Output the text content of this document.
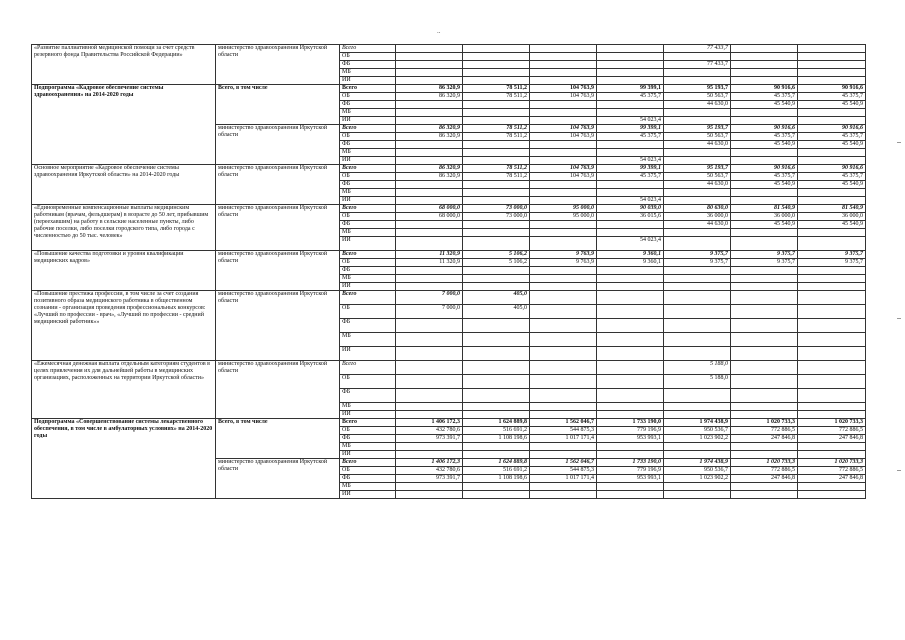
..
«Развитие паллиативной медицинской помощи за счет средств резервного фонда Правительства Российской Федерации»	министерство здравоохранения Иркутской области	Всего					77 433,7		
		ОБ							
		ФБ					77 433,7		
		МБ							
		ИИ							
Подпрограмма «Кадровое обеспечение системы здравоохранения» на 2014-2020 годы	Всего, в том числе	Всего	86 320,9	78 511,2	104 763,9	99 399,1	95 193,7	90 916,6	90 916,6
		ОБ	86 320,9	78 511,2	104 763,9	45 375,7	50 563,7	45 375,7	45 375,7
		ФБ					44 630,0	45 540,9	45 540,9
		МБ							
		ИИ				54 023,4			
	министерство здравоохранения Иркутской области	Всего	86 320,9	78 511,2	104 763,9	99 399,1	95 193,7	90 916,6	90 916,6
		ОБ	86 320,9	78 511,2	104 763,9	45 375,7	50 563,7	45 375,7	45 375,7
		ФБ					44 630,0	45 540,9	45 540,9
		МБ							
		ИИ				54 023,4			
Основное мероприятие «Кадровое обеспечение системы здравоохранения Иркутской области» на 2014-2020 годы	министерство здравоохранения Иркутской области	Всего	86 320,9	78 511,2	104 763,9	99 399,1	95 193,7	90 916,6	90 916,6
		ОБ	86 320,9	78 511,2	104 763,9	45 375,7	50 563,7	45 375,7	45 375,7
		ФБ					44 630,0	45 540,9	45 540,9
		МБ							
		ИИ				54 023,4			
«Единовременные компенсационные выплаты медицинским работникам (врачам, фельдшерам) в возрасте до 50 лет, прибывшим (переехавшим) на работу в сельские населенные пункты, либо рабочие поселки, либо поселки городского типа, либо города с численностью до 50 тыс. человек»	министерство здравоохранения Иркутской области	Всего	68 000,0	73 000,0	95 000,0	90 039,0	80 630,0	81 540,9	81 540,9
		ОБ	68 000,0	73 000,0	95 000,0	36 015,6	36 000,0	36 000,0	36 000,0
		ФБ					44 630,0	45 540,9	45 540,9
		МБ							
		ИИ				54 023,4			
«Повышение качества подготовки и уровня квалификации медицинских кадров»	министерство здравоохранения Иркутской области	Всего	11 320,9	5 106,2	9 763,9	9 360,1	9 375,7	9 375,7	9 375,7
		ОБ	11 320,9	5 106,2	9 763,9	9 360,1	9 375,7	9 375,7	9 375,7
		ФБ							
		МБ							
		ИИ							
«Повышение престижа профессии, в том числе за счет создания позитивного образа медицинского работника в общественном сознании - организация проведения профессиональных конкурсов: «Лучший по профессии - врач», «Лучший по профессии - средний медицинский работник»»	министерство здравоохранения Иркутской области	Всего	7 000,0	405,0					
		ОБ	7 000,0	405,0					
		ФБ							
		МБ							
		ИИ							
«Ежемесячная денежная выплата отдельным категориям студентов в целях привлечения их для дальнейшей работы в медицинских организациях, расположенных на территории Иркутской области»	министерство здравоохранения Иркутской области	Всего					5 188,0		
		ОБ					5 188,0		
		ФБ							
		МБ							
		ИИ							
Подпрограмма «Совершенствование системы лекарственного обеспечения, в том числе в амбулаторных условиях» на 2014-2020 годы	Всего, в том числе	Всего	1 406 172,3	1 624 889,8	1 562 046,7	1 733 190,0	1 974 438,9	1 020 733,3	1 020 733,3
		ОБ	432 780,6	516 691,2	544 875,3	779 196,9	950 536,7	772 886,5	772 886,5
		ФБ	973 391,7	1 108 198,6	1 017 171,4	953 993,1	1 023 902,2	247 846,8	247 846,8
		МБ							
		ИИ							
	министерство здравоохранения Иркутской области	Всего	1 406 172,3	1 624 889,8	1 562 046,7	1 733 190,0	1 974 438,9	1 020 733,3	1 020 733,3
		ОБ	432 780,6	516 691,2	544 875,3	779 196,9	950 536,7	772 886,5	772 886,5
		ФБ	973 391,7	1 108 198,6	1 017 171,4	953 993,1	1 023 902,2	247 846,8	247 846,8
		МБ							
		ИИ							
